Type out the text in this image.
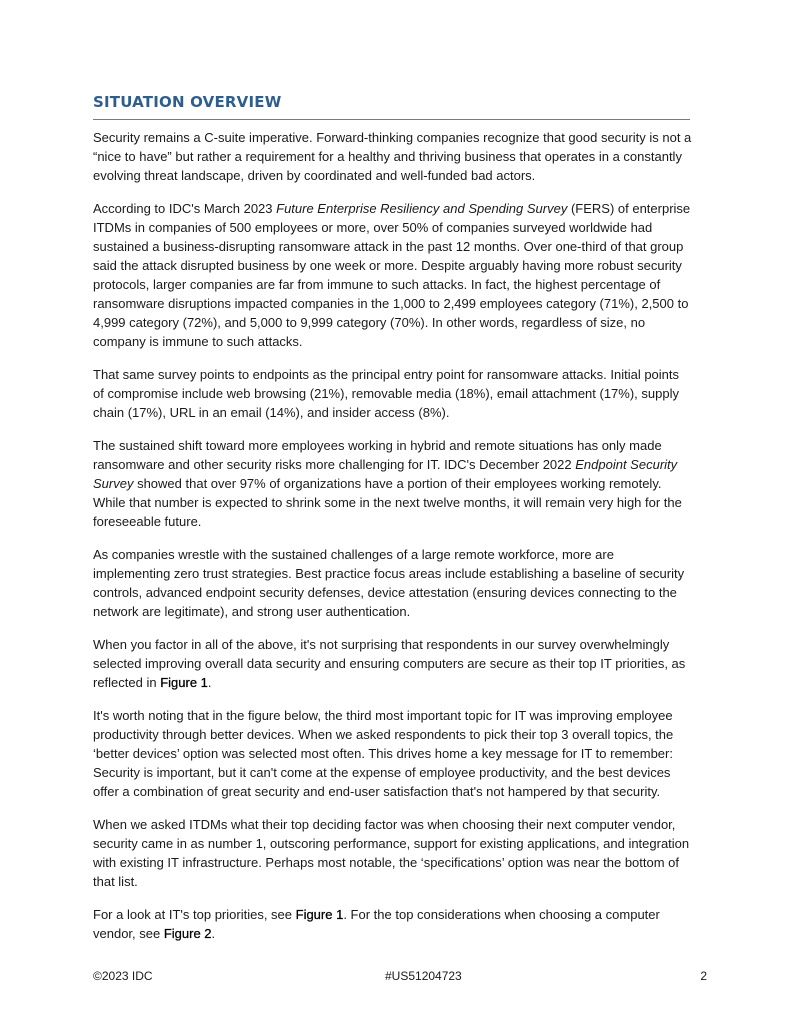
SITUATION OVERVIEW

Security remains a C-suite imperative. Forward-thinking companies recognize that good security is not a “nice to have” but rather a requirement for a healthy and thriving business that operates in a constantly evolving threat landscape, driven by coordinated and well-funded bad actors.

According to IDC's March 2023 Future Enterprise Resiliency and Spending Survey (FERS) of enterprise ITDMs in companies of 500 employees or more, over 50% of companies surveyed worldwide had sustained a business-disrupting ransomware attack in the past 12 months. Over one-third of that group said the attack disrupted business by one week or more. Despite arguably having more robust security protocols, larger companies are far from immune to such attacks. In fact, the highest percentage of ransomware disruptions impacted companies in the 1,000 to 2,499 employees category (71%), 2,500 to 4,999 category (72%), and 5,000 to 9,999 category (70%). In other words, regardless of size, no company is immune to such attacks.

That same survey points to endpoints as the principal entry point for ransomware attacks. Initial points of compromise include web browsing (21%), removable media (18%), email attachment (17%), supply chain (17%), URL in an email (14%), and insider access (8%).

The sustained shift toward more employees working in hybrid and remote situations has only made ransomware and other security risks more challenging for IT. IDC's December 2022 Endpoint Security Survey showed that over 97% of organizations have a portion of their employees working remotely. While that number is expected to shrink some in the next twelve months, it will remain very high for the foreseeable future.

As companies wrestle with the sustained challenges of a large remote workforce, more are implementing zero trust strategies. Best practice focus areas include establishing a baseline of security controls, advanced endpoint security defenses, device attestation (ensuring devices connecting to the network are legitimate), and strong user authentication.

When you factor in all of the above, it's not surprising that respondents in our survey overwhelmingly selected improving overall data security and ensuring computers are secure as their top IT priorities, as reflected in Figure 1.

It's worth noting that in the figure below, the third most important topic for IT was improving employee productivity through better devices. When we asked respondents to pick their top 3 overall topics, the ‘better devices’ option was selected most often. This drives home a key message for IT to remember: Security is important, but it can't come at the expense of employee productivity, and the best devices offer a combination of great security and end-user satisfaction that's not hampered by that security.

When we asked ITDMs what their top deciding factor was when choosing their next computer vendor, security came in as number 1, outscoring performance, support for existing applications, and integration with existing IT infrastructure. Perhaps most notable, the ‘specifications’ option was near the bottom of that list.

For a look at IT's top priorities, see Figure 1. For the top considerations when choosing a computer vendor, see Figure 2.

©2023 IDC	#US51204723	2
